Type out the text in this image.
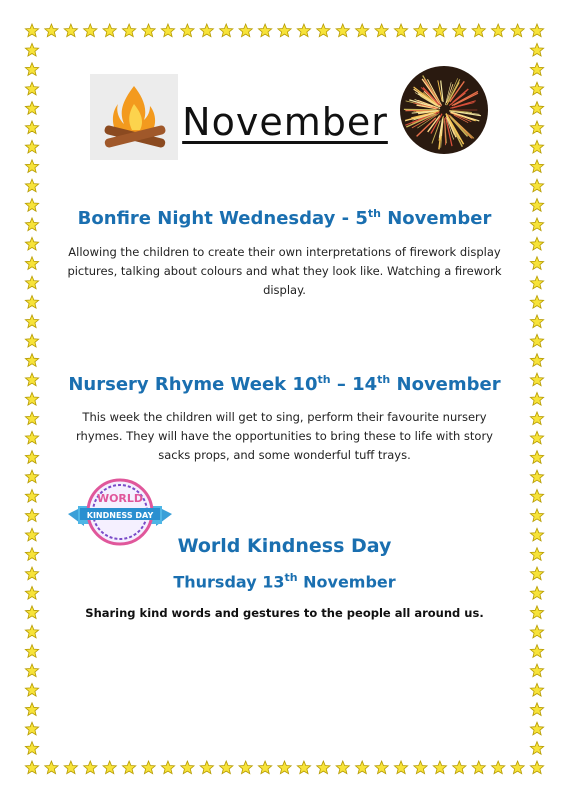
November
Bonfire Night Wednesday - 5th November
Allowing the children to create their own interpretations of firework display pictures, talking about colours and what they look like. Watching a firework display.
Nursery Rhyme Week 10th – 14th November
This week the children will get to sing, perform their favourite nursery rhymes. They will have the opportunities to bring these to life with story sacks props, and some wonderful tuff trays.
WORLD
KINDNESS DAY
World Kindness Day
Thursday 13th November
Sharing kind words and gestures to the people all around us.
